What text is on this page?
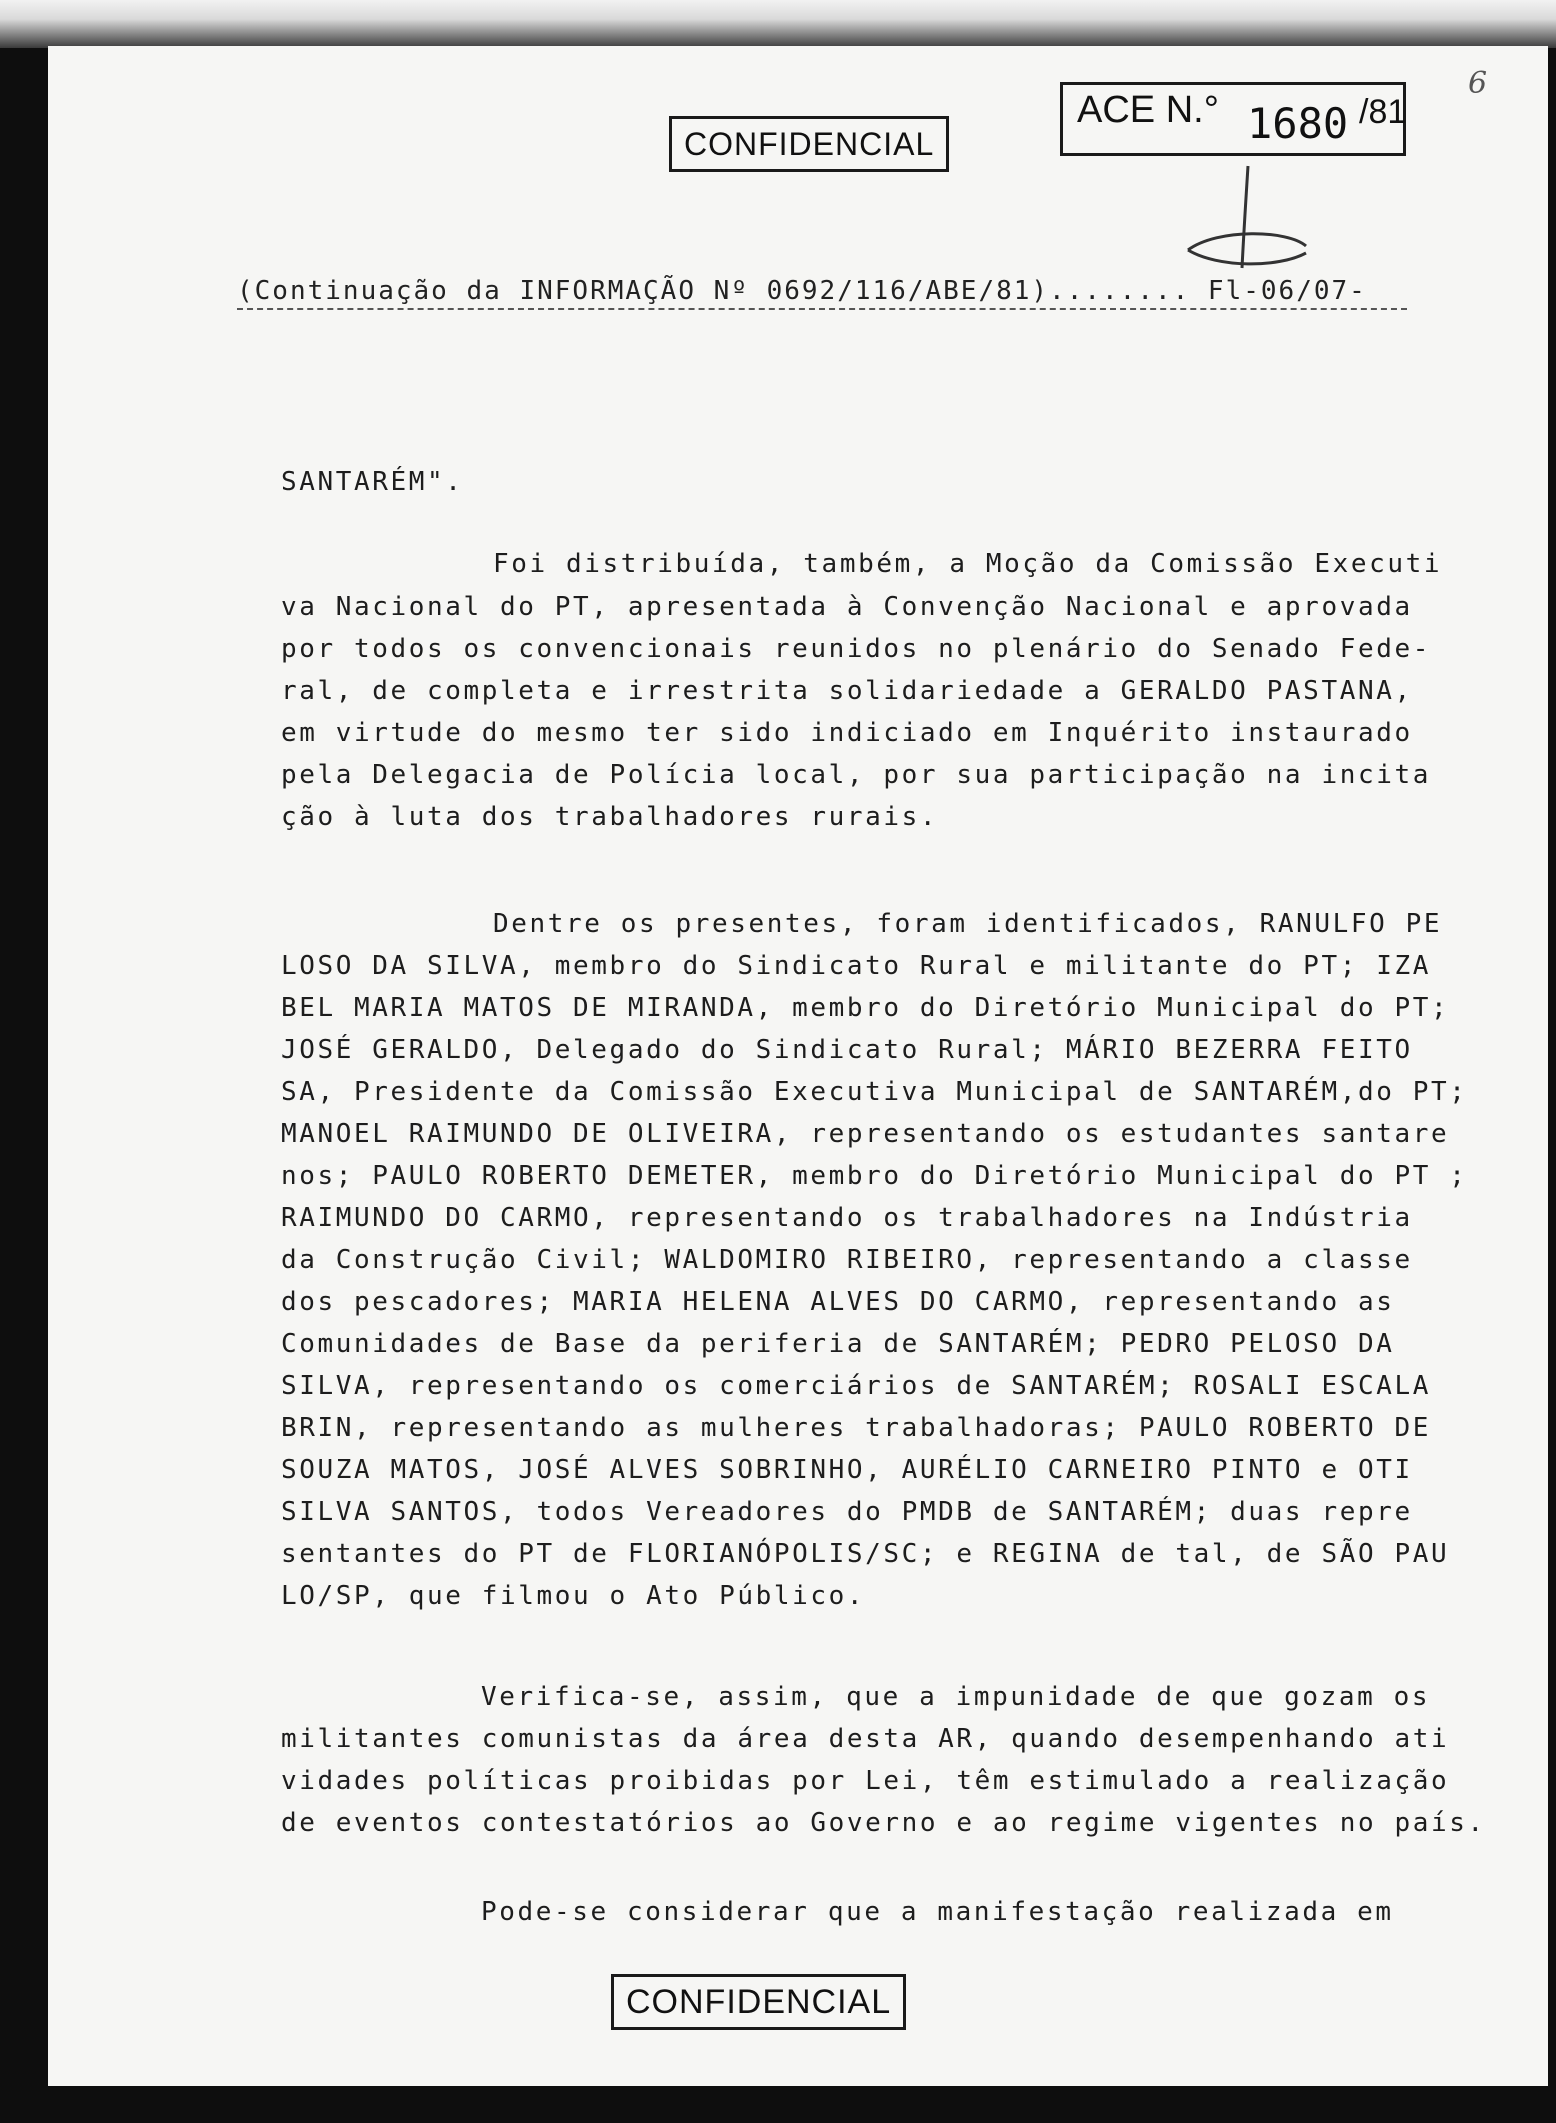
CONFIDENCIAL
ACE N.° 1680 /81
6
(Continuação da INFORMAÇÃO Nº 0692/116/ABE/81)........ Fl-06/07-
SANTARÉM".
Foi distribuída, também, a Moção da Comissão Executi
va Nacional do PT, apresentada à Convenção Nacional e aprovada
por todos os convencionais reunidos no plenário do Senado Fede-
ral, de completa e irrestrita solidariedade a GERALDO PASTANA,
em virtude do mesmo ter sido indiciado em Inquérito instaurado
pela Delegacia de Polícia local, por sua participação na incita
ção à luta dos trabalhadores rurais.
Dentre os presentes, foram identificados, RANULFO PE
LOSO DA SILVA, membro do Sindicato Rural e militante do PT; IZA
BEL MARIA MATOS DE MIRANDA, membro do Diretório Municipal do PT;
JOSÉ GERALDO, Delegado do Sindicato Rural; MÁRIO BEZERRA FEITO
SA, Presidente da Comissão Executiva Municipal de SANTARÉM,do PT;
MANOEL RAIMUNDO DE OLIVEIRA, representando os estudantes santare
nos; PAULO ROBERTO DEMETER, membro do Diretório Municipal do PT ;
RAIMUNDO DO CARMO, representando os trabalhadores na Indústria
da Construção Civil; WALDOMIRO RIBEIRO, representando a classe
dos pescadores; MARIA HELENA ALVES DO CARMO, representando as
Comunidades de Base da periferia de SANTARÉM; PEDRO PELOSO DA
SILVA, representando os comerciários de SANTARÉM; ROSALI ESCALA
BRIN, representando as mulheres trabalhadoras; PAULO ROBERTO DE
SOUZA MATOS, JOSÉ ALVES SOBRINHO, AURÉLIO CARNEIRO PINTO e OTI
SILVA SANTOS, todos Vereadores do PMDB de SANTARÉM; duas repre
sentantes do PT de FLORIANÓPOLIS/SC; e REGINA de tal, de SÃO PAU
LO/SP, que filmou o Ato Público.
Verifica-se, assim, que a impunidade de que gozam os
militantes comunistas da área desta AR, quando desempenhando ati
vidades políticas proibidas por Lei, têm estimulado a realização
de eventos contestatórios ao Governo e ao regime vigentes no país.
Pode-se considerar que a manifestação realizada em
CONFIDENCIAL
